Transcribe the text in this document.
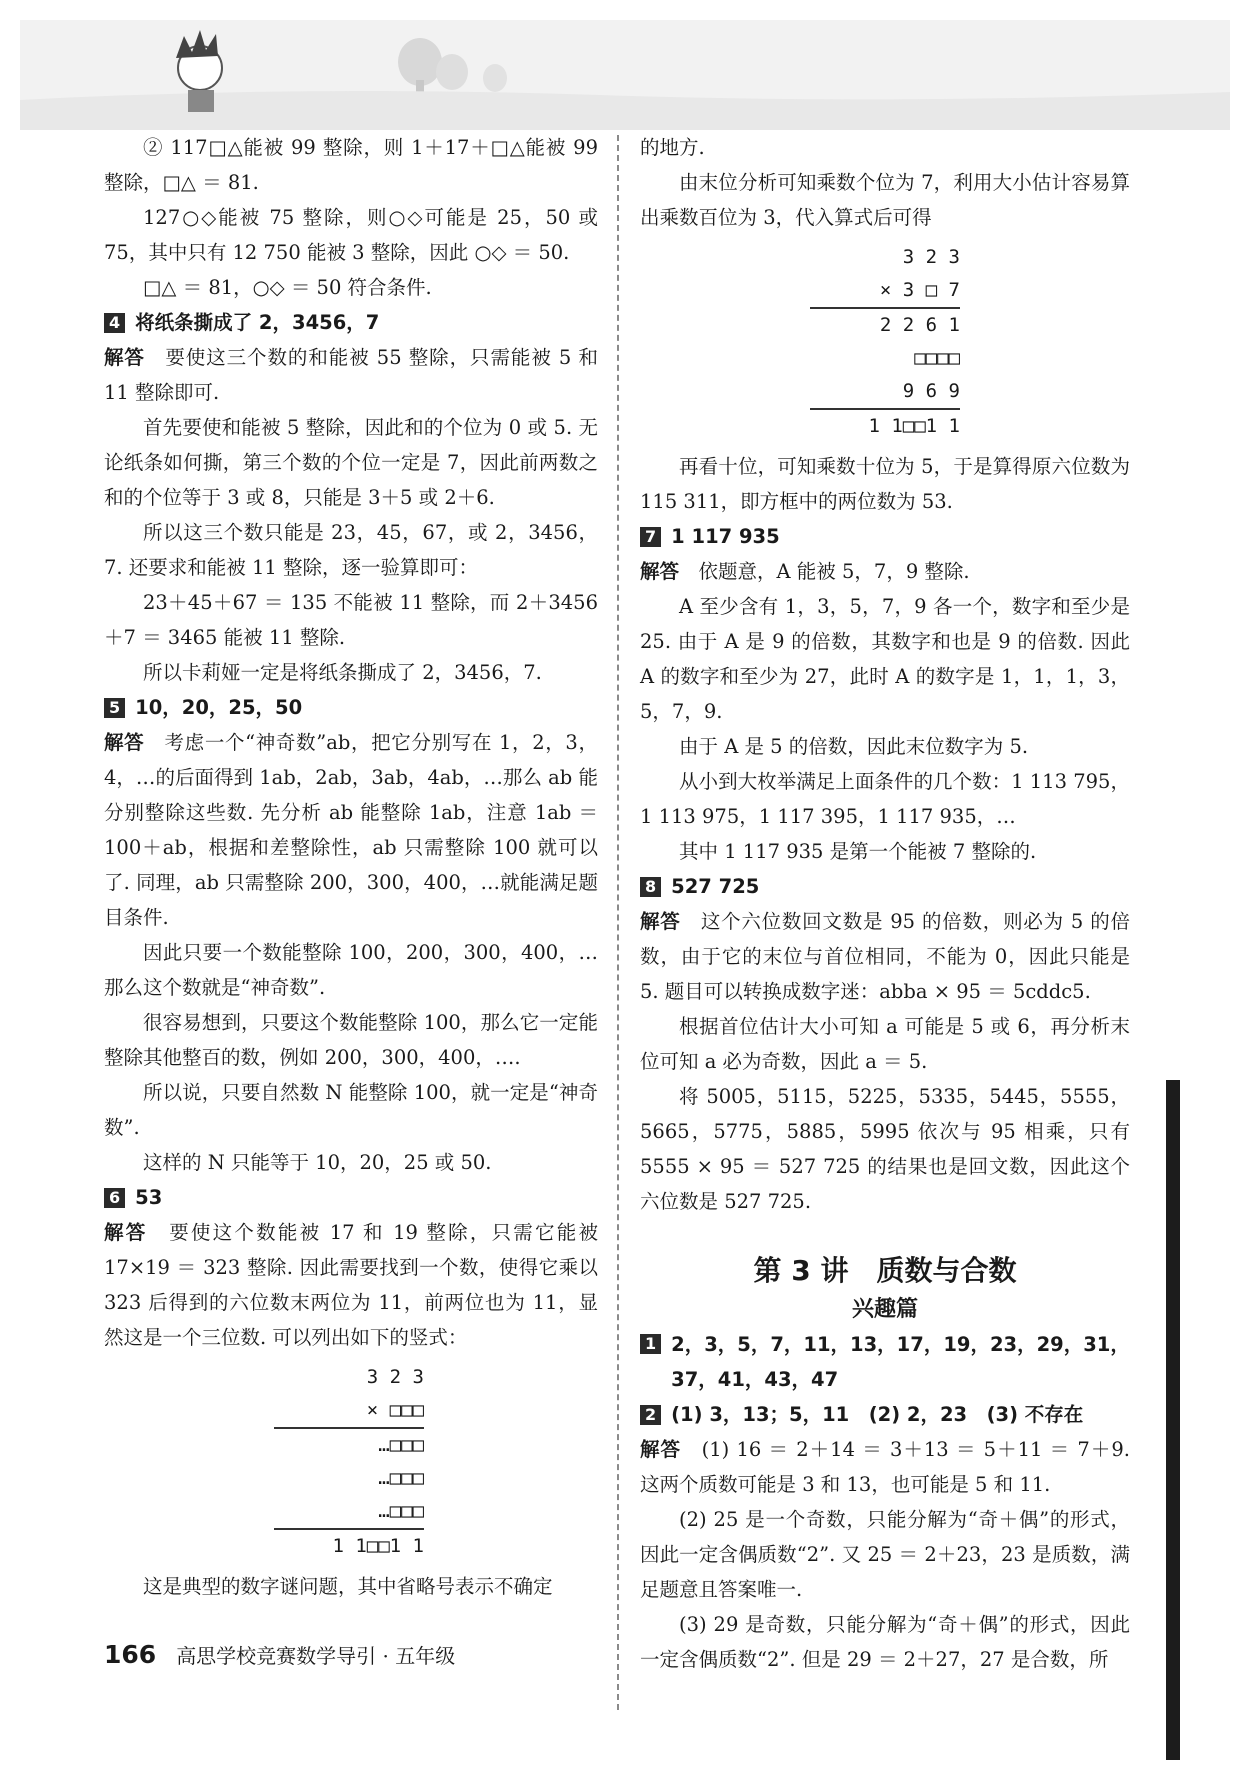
② 117□△能被 99 整除，则 1＋17＋□△能被 99 整除，□△ ＝ 81.

127○◇能被 75 整除，则○◇可能是 25，50 或 75，其中只有 12 750 能被 3 整除，因此 ○◇ ＝ 50.

□△ ＝ 81，○◇ ＝ 50 符合条件.

4 将纸条撕成了 2，3456，7

解答　 要使这三个数的和能被 55 整除，只需能被 5 和 11 整除即可.

首先要使和能被 5 整除，因此和的个位为 0 或 5. 无论纸条如何撕，第三个数的个位一定是 7，因此前两数之和的个位等于 3 或 8，只能是 3＋5 或 2＋6.

所以这三个数只能是 23，45，67，或 2，3456，7. 还要求和能被 11 整除，逐一验算即可：

23＋45＋67 ＝ 135 不能被 11 整除，而 2＋3456＋7 ＝ 3465 能被 11 整除.

所以卡莉娅一定是将纸条撕成了 2，3456，7.

5 10，20，25，50

解答　 考虑一个“神奇数”ab，把它分别写在 1，2，3，4，…的后面得到 1ab，2ab，3ab，4ab，…那么 ab 能分别整除这些数. 先分析 ab 能整除 1ab，注意 1ab ＝ 100＋ab，根据和差整除性，ab 只需整除 100 就可以了. 同理，ab 只需整除 200，300，400，…就能满足题目条件.

因此只要一个数能整除 100，200，300，400，…那么这个数就是“神奇数”.

很容易想到，只要这个数能整除 100，那么它一定能整除其他整百的数，例如 200，300，400，….

所以说，只要自然数 N 能整除 100，就一定是“神奇数”.

这样的 N 只能等于 10，20，25 或 50.

6 53

解答　 要使这个数能被 17 和 19 整除，只需它能被 17×19 ＝ 323 整除. 因此需要找到一个数，使得它乘以 323 后得到的六位数末两位为 11，前两位也为 11，显然这是一个三位数. 可以列出如下的竖式：

3 2 3
× □□□
…□□□
…□□□
…□□□
1 1□□1 1

这是典型的数字谜问题，其中省略号表示不确定

的地方.

由末位分析可知乘数个位为 7，利用大小估计容易算出乘数百位为 3，代入算式后可得

3 2 3
× 3 □ 7
2 2 6 1
□□□□
9 6 9
1 1□□1 1

再看十位，可知乘数十位为 5，于是算得原六位数为 115 311，即方框中的两位数为 53.

7 1 117 935

解答　 依题意，A 能被 5，7，9 整除.

A 至少含有 1，3，5，7，9 各一个，数字和至少是 25. 由于 A 是 9 的倍数，其数字和也是 9 的倍数. 因此 A 的数字和至少为 27，此时 A 的数字是 1，1，1，3，5，7，9.

由于 A 是 5 的倍数，因此末位数字为 5.

从小到大枚举满足上面条件的几个数：1 113 795，1 113 975，1 117 395，1 117 935，…

其中 1 117 935 是第一个能被 7 整除的.

8 527 725

解答　 这个六位数回文数是 95 的倍数，则必为 5 的倍数，由于它的末位与首位相同，不能为 0，因此只能是 5. 题目可以转换成数字迷：abba × 95 ＝ 5cddc5.

根据首位估计大小可知 a 可能是 5 或 6，再分析末位可知 a 必为奇数，因此 a ＝ 5.

将 5005，5115，5225，5335，5445，5555，5665，5775，5885，5995 依次与 95 相乘，只有 5555 × 95 ＝ 527 725 的结果也是回文数，因此这个六位数是 527 725.

第 3 讲　质数与合数
兴趣篇
1 2，3，5，7，11，13，17，19，23，29，31，37，41，43，47
2 (1) 3，13；5，11　(2) 2，23　(3) 不存在

解答　 (1) 16 ＝ 2＋14 ＝ 3＋13 ＝ 5＋11 ＝ 7＋9. 这两个质数可能是 3 和 13，也可能是 5 和 11.

(2) 25 是一个奇数，只能分解为“奇＋偶”的形式，因此一定含偶质数“2”. 又 25 ＝ 2＋23，23 是质数，满足题意且答案唯一.

(3) 29 是奇数，只能分解为“奇＋偶”的形式，因此一定含偶质数“2”. 但是 29 ＝ 2＋27，27 是合数，所

166 高思学校竞赛数学导引 · 五年级
